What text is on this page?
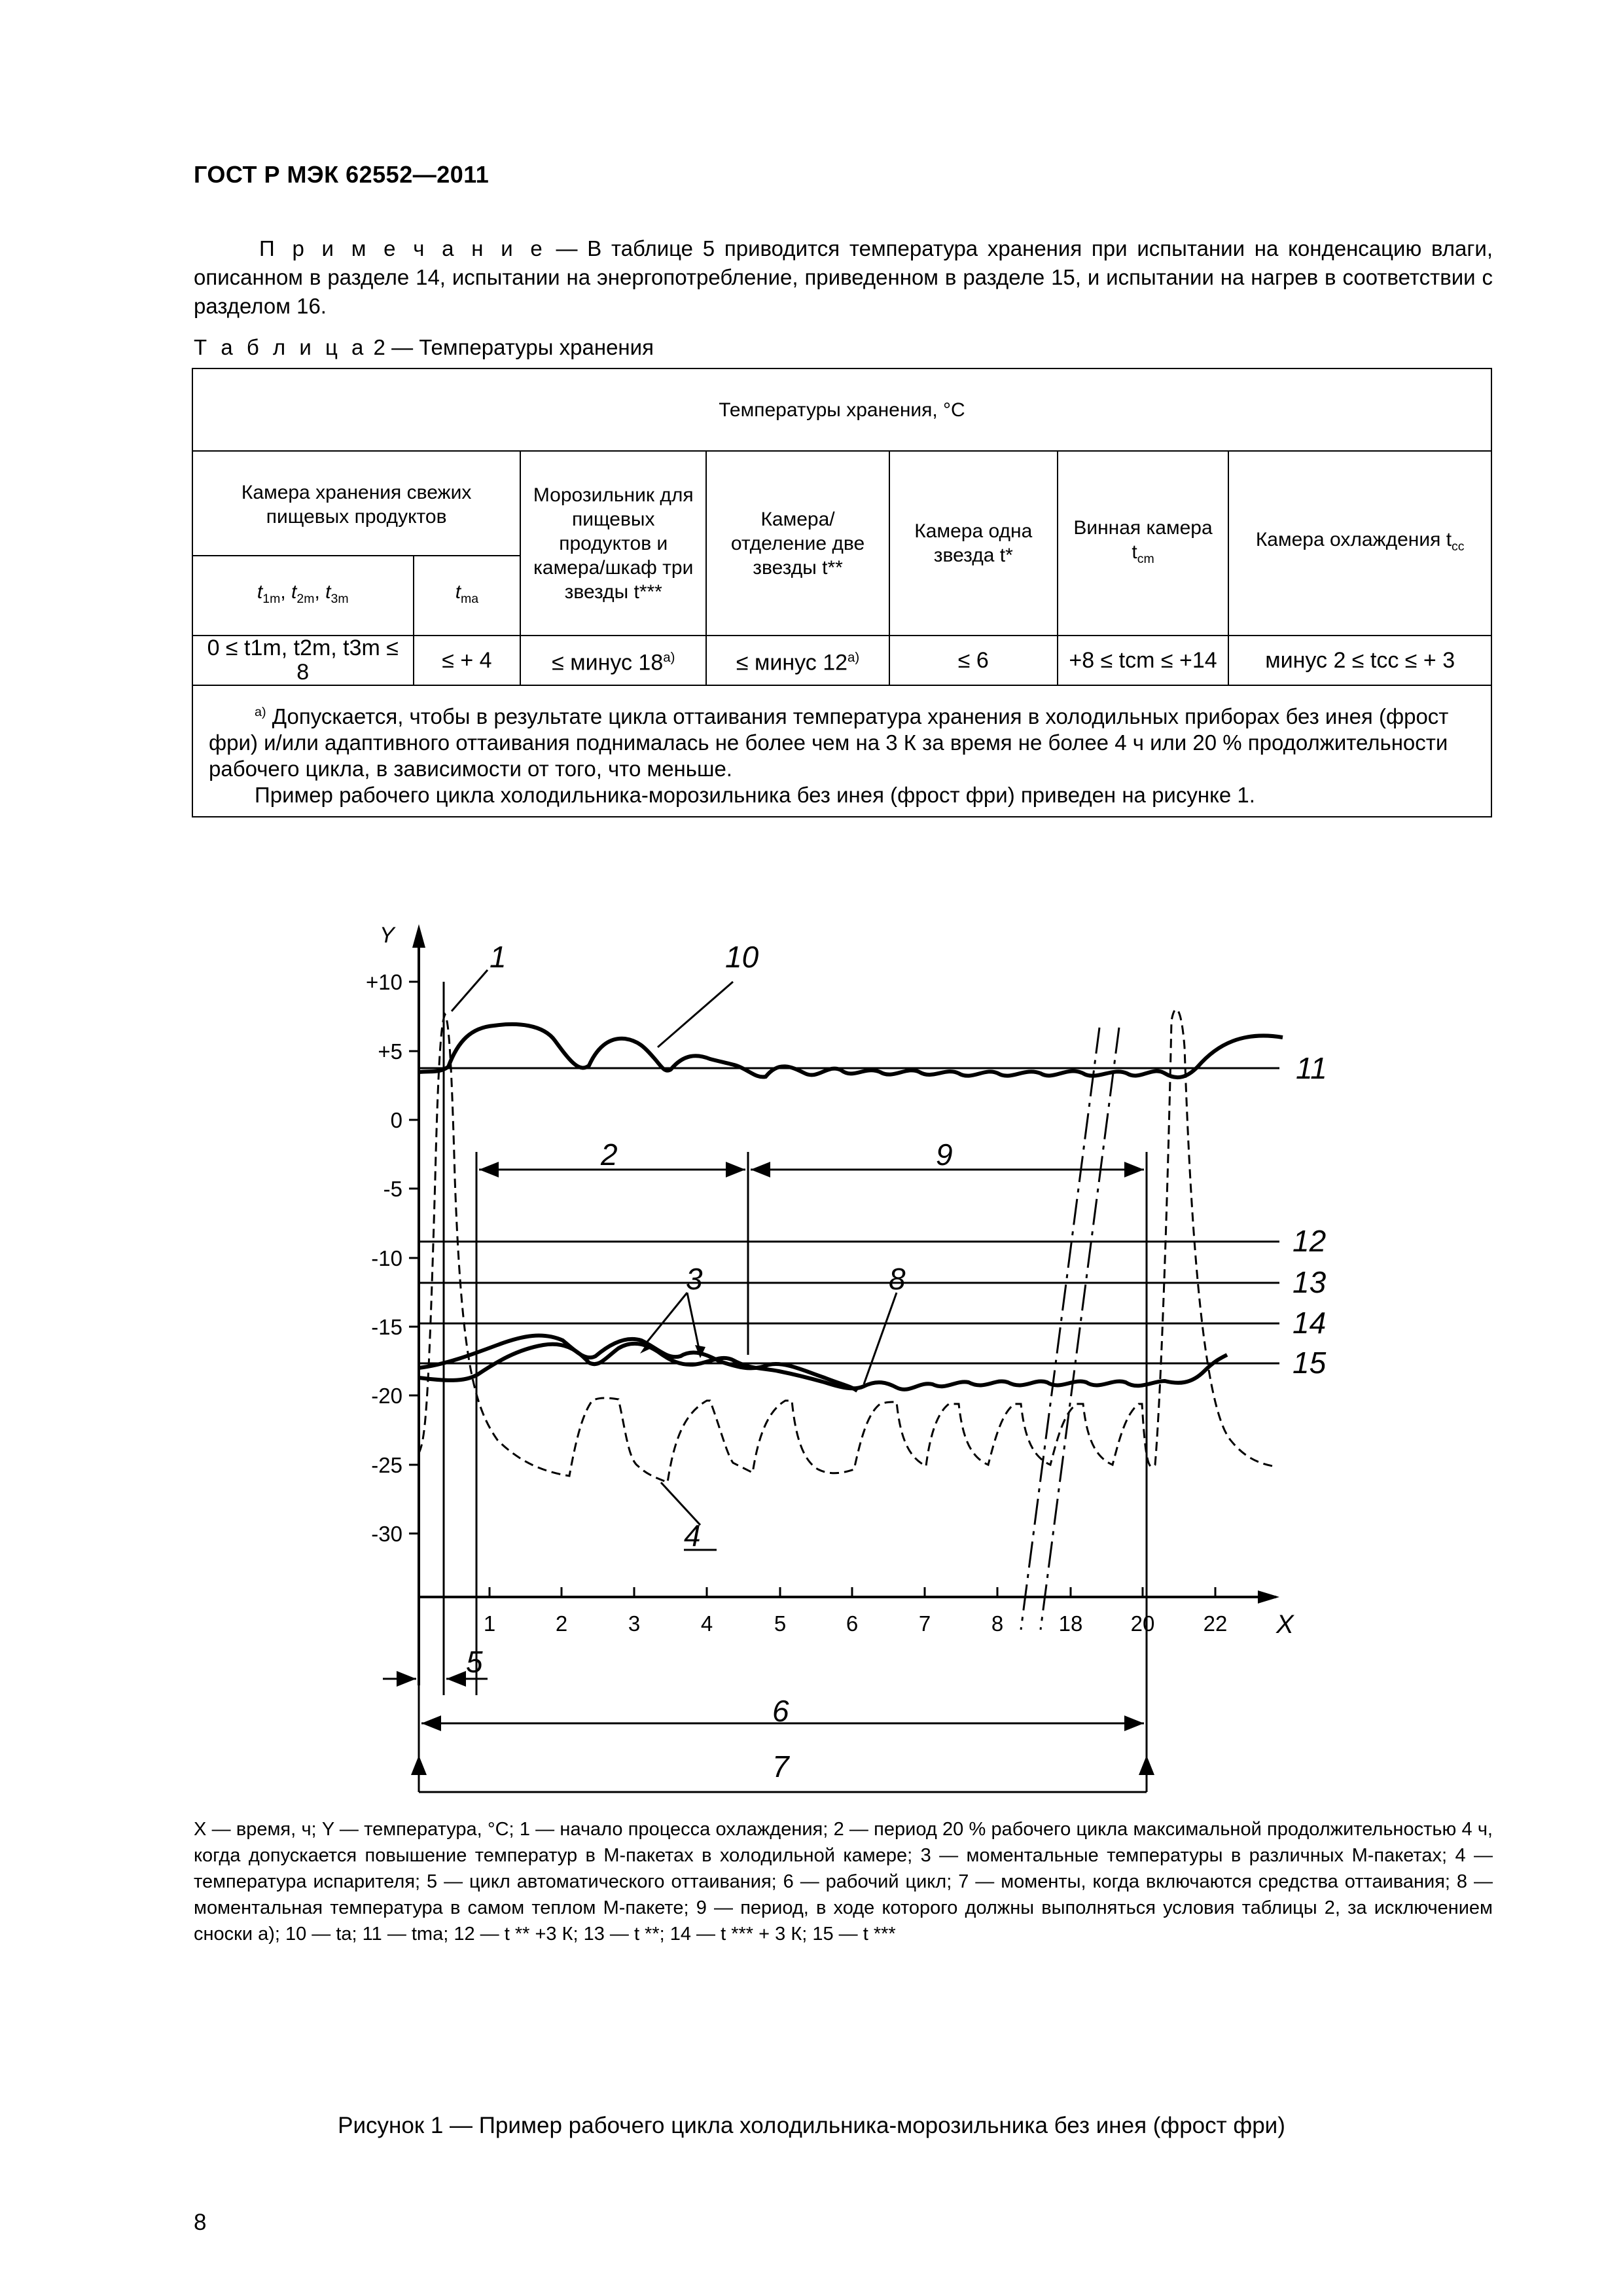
ГОСТ Р МЭК 62552—2011
П р и м е ч а н и е — В таблице 5 приводится температура хранения при испытании на конденсацию влаги, описанном в разделе 14, испытании на энергопотребление, приведенном в разделе 15, и испытании на нагрев в соответствии с разделом 16.
Т а б л и ц а 2 — Температуры хранения
Температуры хранения, °С						
Камера хранения свежих пищевых продуктов		Морозильник для пищевых продуктов и камера/шкаф три звезды t***	Камера/ отделение две звезды t**	Камера одна звезда t*	Винная камера $t_{cm}$	Камера охлаждения $t_{cc}$
$t_{1m}$, $t_{2m}$, $t_{3m}$	$t_{ma}$
0 ≤ t1m, t2m, t3m ≤ 8	≤ + 4	≤ минус $18^{a)}$	≤ минус $12^{a)}$	≤ 6	+8 ≤ tcm ≤ +14	минус 2 ≤ tcc ≤ + 3

$^{а)}$ Допускается, чтобы в результате цикла оттаивания температура хранения в холодильных приборах без инея (фрост фри) и/или адаптивного оттаивания поднималась не более чем на 3 К за время не более 4 ч или 20 % продолжительности рабочего цикла, в зависимости от того, что меньше.
Пример рабочего цикла холодильника-морозильника без инея (фрост фри) приведен на рисунке 1.						
Y
X
+10
+5
0
-5
-10
-15
-20
-25
-30
1	2	3	4	5	6	7	8	18 20 22
1	10
11
2	9
12
13
14
15
3	8
4
5
6
7
X — время, ч; Y — температура, °С; 1 — начало процесса охлаждения; 2 — период 20 % рабочего цикла максимальной продолжительностью 4 ч, когда допускается повышение температур в М-пакетах в холодильной камере; 3 — моментальные температуры в различных М-пакетах; 4 — температура испарителя; 5 — цикл автоматического оттаивания; 6 — рабочий цикл; 7 — моменты, когда включаются средства оттаивания; 8 — моментальная температура в самом теплом М-пакете; 9 — период, в ходе которого должны выполняться условия таблицы 2, за исключением сноски а); 10 — tа; 11 — tma; 12 — t ** +3 К; 13 — t **; 14 — t *** + 3 К; 15 — t ***
Рисунок 1 — Пример рабочего цикла холодильника-морозильника без инея (фрост фри)
8
